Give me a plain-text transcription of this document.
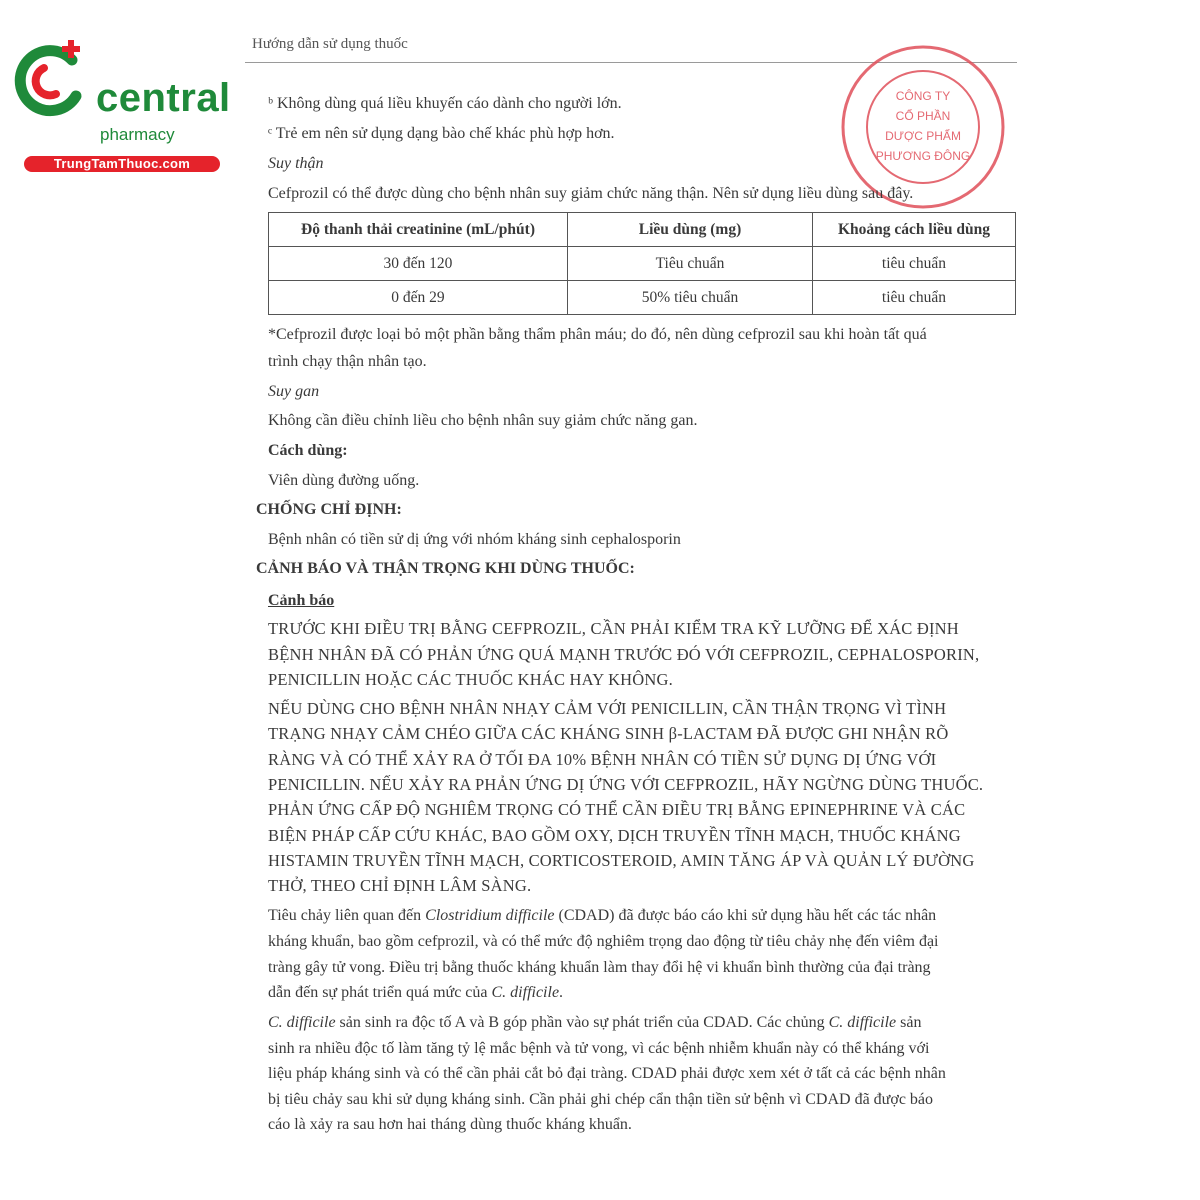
central
pharmacy
TrungTamThuoc.com
Hướng dẫn sử dụng thuốc
CÔNG TY
CỔ PHẦN
DƯỢC PHẨM
PHƯƠNG ĐÔNG
ᵇ Không dùng quá liều khuyến cáo dành cho người lớn.
ᶜ Trẻ em nên sử dụng dạng bào chế khác phù hợp hơn.
Suy thận
Cefprozil có thể được dùng cho bệnh nhân suy giảm chức năng thận. Nên sử dụng liều dùng sau đây.
Độ thanh thải creatinine (mL/phút)	Liều dùng (mg)	Khoảng cách liều dùng
30 đến 120	Tiêu chuẩn	tiêu chuẩn
0 đến 29	50% tiêu chuẩn	tiêu chuẩn
*Cefprozil được loại bỏ một phần bằng thẩm phân máu; do đó, nên dùng cefprozil sau khi hoàn tất quá
trình chạy thận nhân tạo.
Suy gan
Không cần điều chỉnh liều cho bệnh nhân suy giảm chức năng gan.
Cách dùng:
Viên dùng đường uống.
CHỐNG CHỈ ĐỊNH:
Bệnh nhân có tiền sử dị ứng với nhóm kháng sinh cephalosporin
CẢNH BÁO VÀ THẬN TRỌNG KHI DÙNG THUỐC:
Cảnh báo
TRƯỚC KHI ĐIỀU TRỊ BẰNG CEFPROZIL, CẦN PHẢI KIỂM TRA KỸ LƯỠNG ĐỂ XÁC ĐỊNH
BỆNH NHÂN ĐÃ CÓ PHẢN ỨNG QUÁ MẠNH TRƯỚC ĐÓ VỚI CEFPROZIL, CEPHALOSPORIN,
PENICILLIN HOẶC CÁC THUỐC KHÁC HAY KHÔNG.
NẾU DÙNG CHO BỆNH NHÂN NHẠY CẢM VỚI PENICILLIN, CẦN THẬN TRỌNG VÌ TÌNH
TRẠNG NHẠY CẢM CHÉO GIỮA CÁC KHÁNG SINH β-LACTAM ĐÃ ĐƯỢC GHI NHẬN RÕ
RÀNG VÀ CÓ THỂ XẢY RA Ở TỐI ĐA 10% BỆNH NHÂN CÓ TIỀN SỬ DỤNG DỊ ỨNG VỚI
PENICILLIN. NẾU XẢY RA PHẢN ỨNG DỊ ỨNG VỚI CEFPROZIL, HÃY NGỪNG DÙNG THUỐC.
PHẢN ỨNG CẤP ĐỘ NGHIÊM TRỌNG CÓ THỂ CẦN ĐIỀU TRỊ BẰNG EPINEPHRINE VÀ CÁC
BIỆN PHÁP CẤP CỨU KHÁC, BAO GỒM OXY, DỊCH TRUYỀN TĨNH MẠCH, THUỐC KHÁNG
HISTAMIN TRUYỀN TĨNH MẠCH, CORTICOSTEROID, AMIN TĂNG ÁP VÀ QUẢN LÝ ĐƯỜNG
THỞ, THEO CHỈ ĐỊNH LÂM SÀNG.
Tiêu chảy liên quan đến Clostridium difficile (CDAD) đã được báo cáo khi sử dụng hầu hết các tác nhân
kháng khuẩn, bao gồm cefprozil, và có thể mức độ nghiêm trọng dao động từ tiêu chảy nhẹ đến viêm đại
tràng gây tử vong. Điều trị bằng thuốc kháng khuẩn làm thay đổi hệ vi khuẩn bình thường của đại tràng
dẫn đến sự phát triển quá mức của C. difficile.
C. difficile sản sinh ra độc tố A và B góp phần vào sự phát triển của CDAD. Các chủng C. difficile sản
sinh ra nhiều độc tố làm tăng tỷ lệ mắc bệnh và tử vong, vì các bệnh nhiễm khuẩn này có thể kháng với
liệu pháp kháng sinh và có thể cần phải cắt bỏ đại tràng. CDAD phải được xem xét ở tất cả các bệnh nhân
bị tiêu chảy sau khi sử dụng kháng sinh. Cần phải ghi chép cẩn thận tiền sử bệnh vì CDAD đã được báo
cáo là xảy ra sau hơn hai tháng dùng thuốc kháng khuẩn.
